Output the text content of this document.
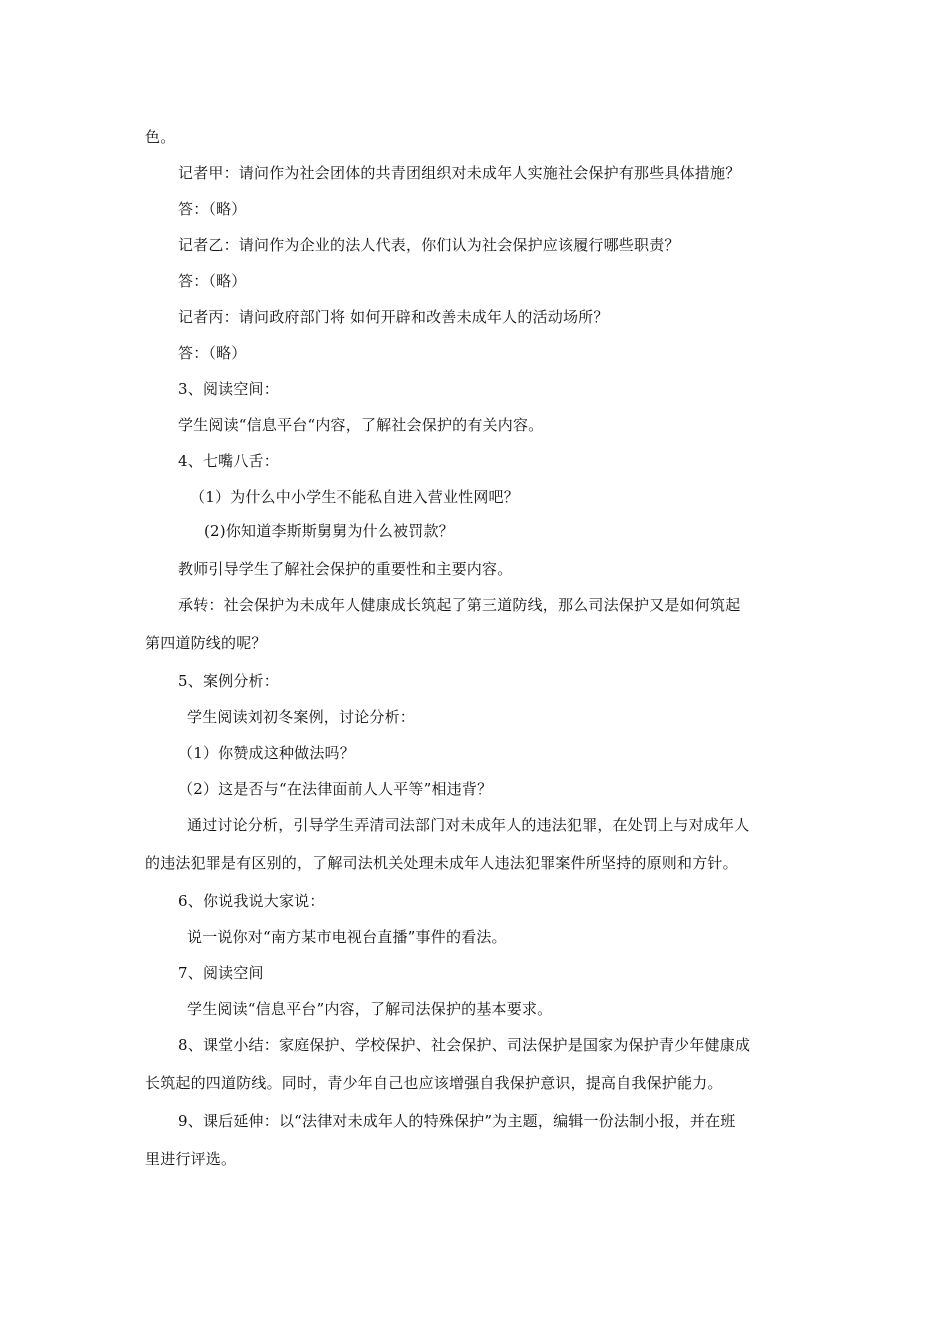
色。
记者甲：请问作为社会团体的共青团组织对未成年人实施社会保护有那些具体措施？
答：（略）
记者乙：请问作为企业的法人代表，你们认为社会保护应该履行哪些职责？
答：（略）
记者丙：请问政府部门将 如何开辟和改善未成年人的活动场所？
答：（略）
3、阅读空间：
学生阅读“信息平台“内容，了解社会保护的有关内容。
4、七嘴八舌：
（1）为什么中小学生不能私自进入营业性网吧？
(2)你知道李斯斯舅舅为什么被罚款？
教师引导学生了解社会保护的重要性和主要内容。
承转：社会保护为未成年人健康成长筑起了第三道防线，那么司法保护又是如何筑起
第四道防线的呢？
5、案例分析：
学生阅读刘初冬案例，讨论分析：
（1）你赞成这种做法吗？
（2）这是否与“在法律面前人人平等”相违背？
通过讨论分析，引导学生弄清司法部门对未成年人的违法犯罪，在处罚上与对成年人
的违法犯罪是有区别的，了解司法机关处理未成年人违法犯罪案件所坚持的原则和方针。
6、你说我说大家说：
说一说你对“南方某市电视台直播”事件的看法。
7、阅读空间
学生阅读“信息平台”内容，了解司法保护的基本要求。
8、课堂小结：家庭保护、学校保护、社会保护、司法保护是国家为保护青少年健康成
长筑起的四道防线。同时，青少年自己也应该增强自我保护意识，提高自我保护能力。
9、课后延伸：以“法律对未成年人的特殊保护”为主题，编辑一份法制小报，并在班
里进行评选。
